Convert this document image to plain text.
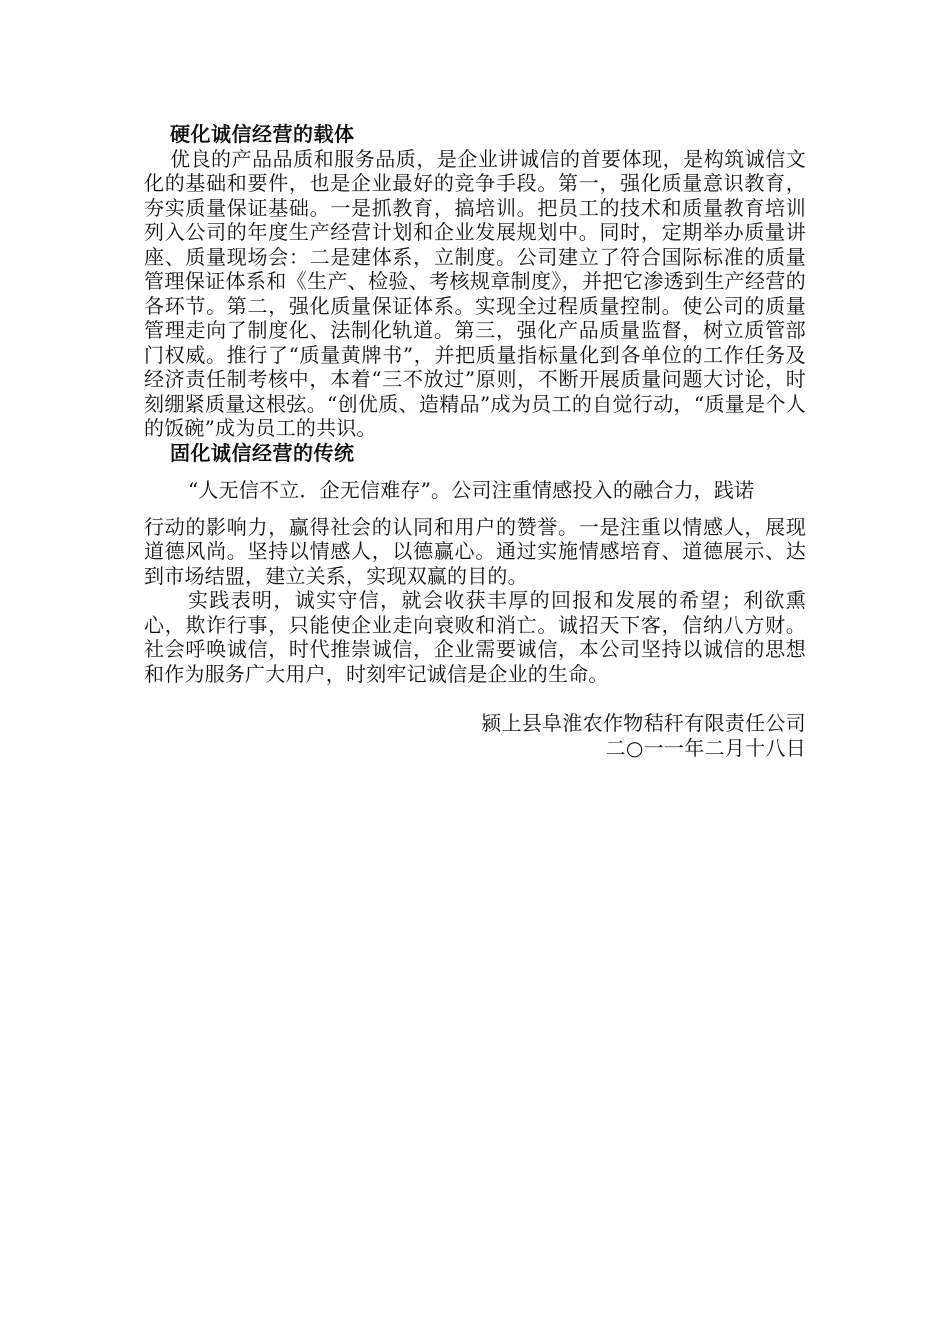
硬化诚信经营的载体

优良的产品品质和服务品质，是企业讲诚信的首要体现，是构筑诚信文化的基础和要件，也是企业最好的竞争手段。第一，强化质量意识教育，夯实质量保证基础。一是抓教育，搞培训。把员工的技术和质量教育培训列入公司的年度生产经营计划和企业发展规划中。同时，定期举办质量讲座、质量现场会：二是建体系，立制度。公司建立了符合国际标准的质量管理保证体系和《生产、检验、考核规章制度》，并把它渗透到生产经营的各环节。第二，强化质量保证体系。实现全过程质量控制。使公司的质量管理走向了制度化、法制化轨道。第三，强化产品质量监督，树立质管部门权威。推行了“质量黄牌书”，并把质量指标量化到各单位的工作任务及经济责任制考核中，本着“三不放过”原则，不断开展质量问题大讨论，时刻绷紧质量这根弦。“创优质、造精品”成为员工的自觉行动，“质量是个人的饭碗”成为员工的共识。

固化诚信经营的传统

“人无信不立．企无信难存”。公司注重情感投入的融合力，践诺

行动的影响力，赢得社会的认同和用户的赞誉。一是注重以情感人，展现道德风尚。坚持以情感人，以德赢心。通过实施情感培育、道德展示、达到市场结盟，建立关系，实现双赢的目的。

实践表明，诚实守信，就会收获丰厚的回报和发展的希望；利欲熏心，欺诈行事，只能使企业走向衰败和消亡。诚招天下客，信纳八方财。社会呼唤诚信，时代推崇诚信，企业需要诚信，本公司坚持以诚信的思想和作为服务广大用户，时刻牢记诚信是企业的生命。

颍上县阜淮农作物秸秆有限责任公司
二○一一年二月十八日
